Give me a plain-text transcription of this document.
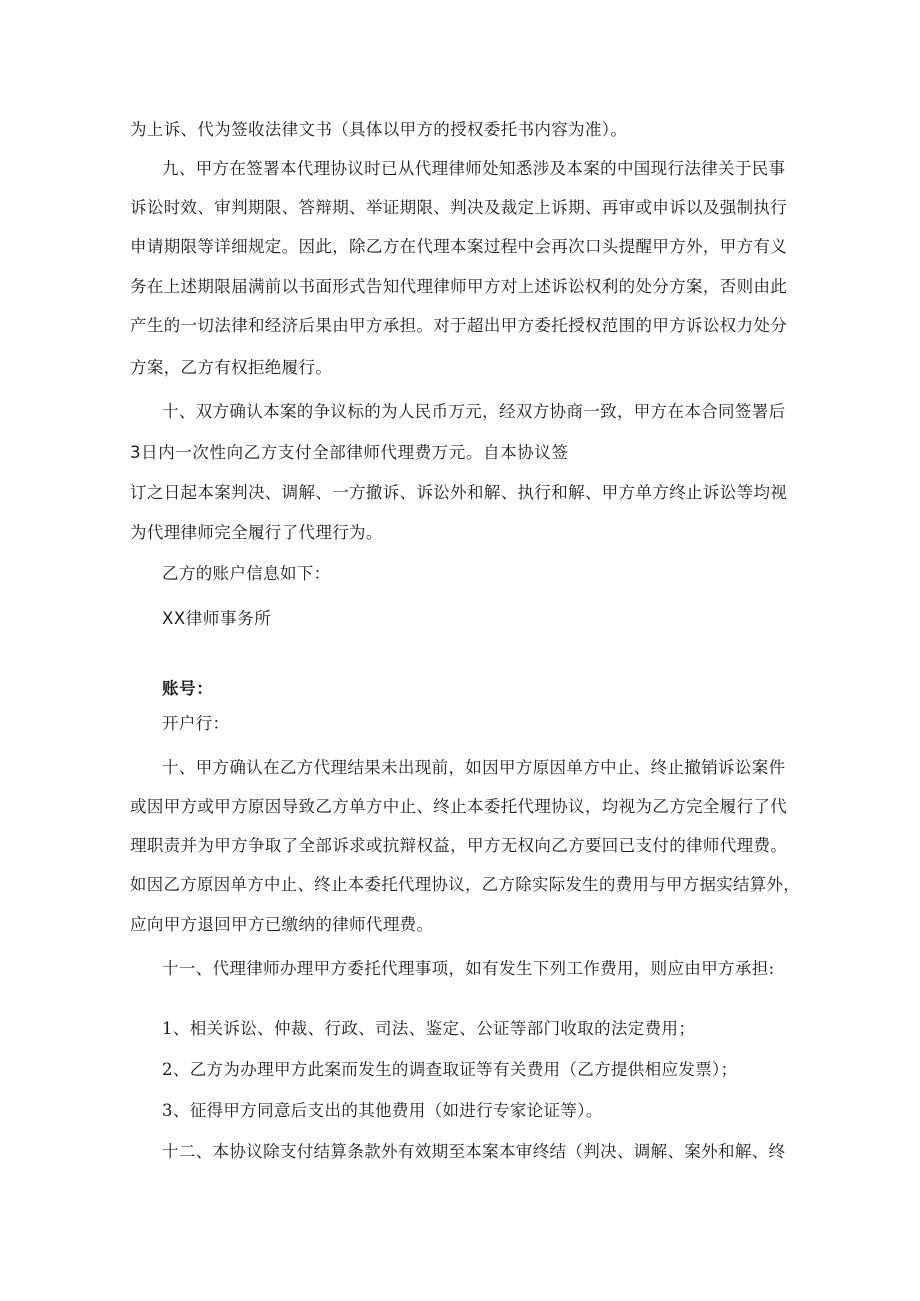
为上诉、代为签收法律文书（具体以甲方的授权委托书内容为准）。
九、甲方在签署本代理协议时已从代理律师处知悉涉及本案的中国现行法律关于民事
诉讼时效、审判期限、答辩期、举证期限、判决及裁定上诉期、再审或申诉以及强制执行
申请期限等详细规定。因此，除乙方在代理本案过程中会再次口头提醒甲方外，甲方有义
务在上述期限届满前以书面形式告知代理律师甲方对上述诉讼权利的处分方案，否则由此
产生的一切法律和经济后果由甲方承担。对于超出甲方委托授权范围的甲方诉讼权力处分
方案，乙方有权拒绝履行。
十、双方确认本案的争议标的为人民币万元，经双方协商一致，甲方在本合同签署后
3日内一次性向乙方支付全部律师代理费万元。自本协议签
订之日起本案判决、调解、一方撤诉、诉讼外和解、执行和解、甲方单方终止诉讼等均视
为代理律师完全履行了代理行为。
乙方的账户信息如下：
XX律师事务所
账号：
开户行：
十、甲方确认在乙方代理结果未出现前，如因甲方原因单方中止、终止撤销诉讼案件
或因甲方或甲方原因导致乙方单方中止、终止本委托代理协议，均视为乙方完全履行了代
理职责并为甲方争取了全部诉求或抗辩权益，甲方无权向乙方要回已支付的律师代理费。
如因乙方原因单方中止、终止本委托代理协议，乙方除实际发生的费用与甲方据实结算外，
应向甲方退回甲方已缴纳的律师代理费。
十一、代理律师办理甲方委托代理事项，如有发生下列工作费用，则应由甲方承担:
1、相关诉讼、仲裁、行政、司法、鉴定、公证等部门收取的法定费用；
2、乙方为办理甲方此案而发生的调查取证等有关费用（乙方提供相应发票）；
3、征得甲方同意后支出的其他费用（如进行专家论证等）。
十二、本协议除支付结算条款外有效期至本案本审终结（判决、调解、案外和解、终
